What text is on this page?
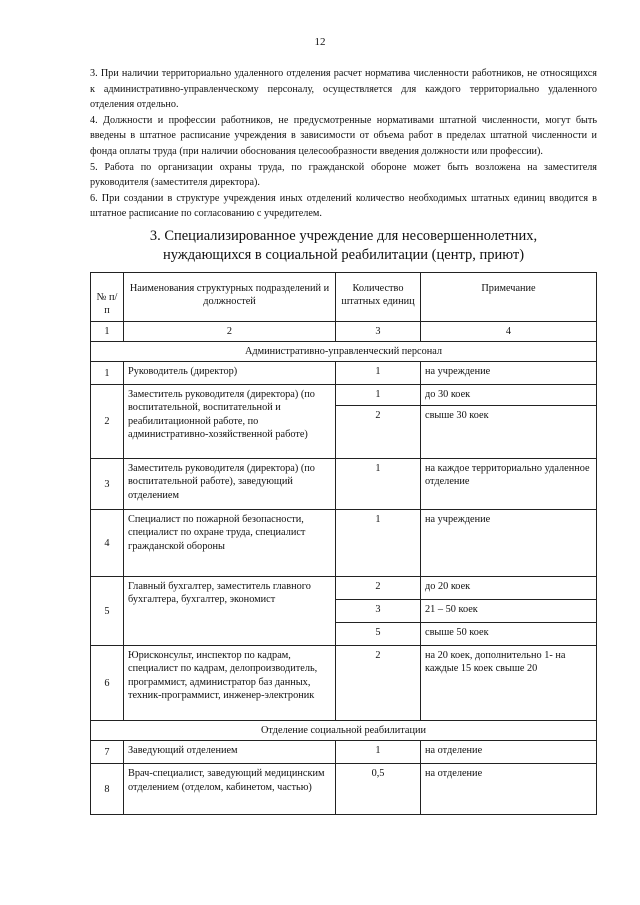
12

3. При наличии территориально удаленного отделения расчет норматива численности работников, не относящихся к административно-управленческому персоналу, осуществляется для каждого территориально удаленного отделения отдельно.

4. Должности и профессии работников, не предусмотренные нормативами штатной численности, могут быть введены в штатное расписание учреждения в зависимости от объема работ в пределах штатной численности и фонда оплаты труда (при наличии обоснования целесообразности введения должности или профессии).

5. Работа по организации охраны труда, по гражданской обороне может быть возложена на заместителя руководителя (заместителя директора).

6. При создании в структуре учреждения иных отделений количество необходимых штатных единиц вводится в штатное расписание по согласованию с учредителем.

3. Специализированное учреждение для несовершеннолетних,
нуждающихся в социальной реабилитации (центр, приют)
№ п/п	Наименования структурных подразделений и должностей	Количество штатных единиц	Примечание
1	2	3	4
Административно-управленческий персонал			
1	Руководитель (директор)	1	на учреждение
2	Заместитель руководителя (директора) (по воспитательной, воспитательной и реабилитационной работе, по административно-хозяйственной работе)	1	до 30 коек
		2	свыше 30 коек
3	Заместитель руководителя (директора) (по воспитательной работе), заведующий отделением	1	на каждое территориально удаленное отделение
4	Специалист по пожарной безопасности, специалист по охране труда, специалист гражданской обороны	1	на учреждение
5	Главный бухгалтер, заместитель главного бухгалтера, бухгалтер, экономист	2	до 20 коек
		3	21 – 50 коек
		5	свыше 50 коек
6	Юрисконсульт, инспектор по кадрам, специалист по кадрам, делопроизводитель, программист, администратор баз данных, техник-программист, инженер-электроник	2	на 20 коек, дополнительно 1- на каждые 15 коек свыше 20
Отделение социальной реабилитации			
7	Заведующий отделением	1	на отделение
8	Врач-специалист, заведующий медицинским отделением (отделом, кабинетом, частью)	0,5	на отделение
